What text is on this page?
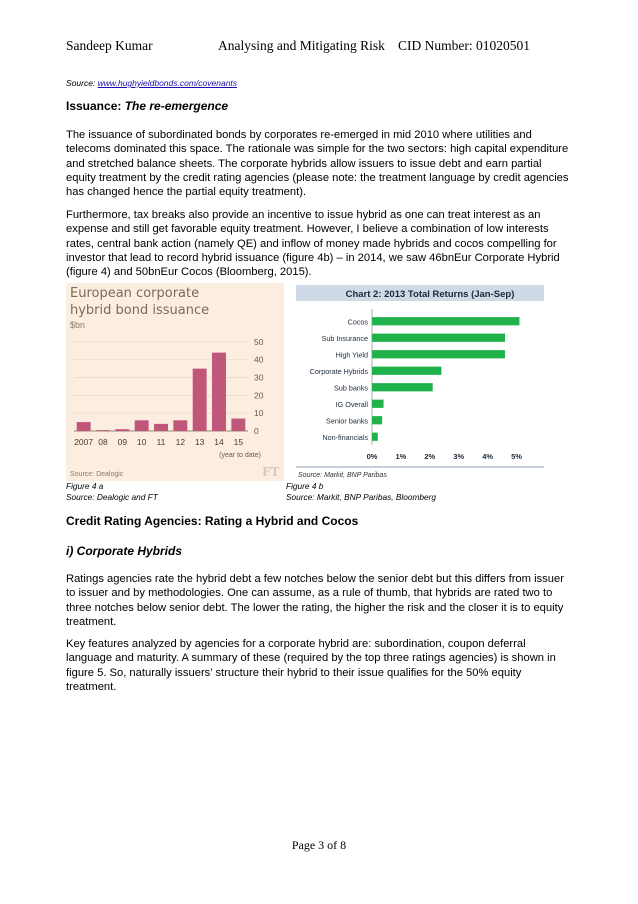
Sandeep Kumar	Analysing and Mitigating Risk CID Number: 01020501
Source: www.hughyieldbonds.com/covenants
Issuance: The re-emergence
The issuance of subordinated bonds by corporates re-emerged in mid 2010 where utilities and telecoms dominated this space. The rationale was simple for the two sectors: high capital expenditure and stretched balance sheets. The corporate hybrids allow issuers to issue debt and earn partial equity treatment by the credit rating agencies (please note: the treatment language by credit agencies has changed hence the partial equity treatment).
Furthermore, tax breaks also provide an incentive to issue hybrid as one can treat interest as an expense and still get favorable equity treatment. However, I believe a combination of low interests rates, central bank action (namely QE) and inflow of money made hybrids and cocos compelling for investor that lead to record hybrid issuance (figure 4b) – in 2014, we saw 46bnEur Corporate Hybrid (figure 4) and 50bnEur Cocos (Bloomberg, 2015).
European corporate
hybrid bond issuance
$bn
0
10
20
30
40
50
2007 08 09 10 11 12 13 14 15
(year to date)
Source: Dealogic	FT
Chart 2: 2013 Total Returns (Jan-Sep)
Cocos
Sub Insurance
High Yield
Corporate Hybrids
Sub banks
IG Overall
Senior banks
Non-financials
0% 1% 2% 3% 4% 5%
Source: Markit, BNP Paribas
Figure 4 a
Source: Dealogic and FT
Figure 4 b
Source: Markit, BNP Paribas, Bloomberg
Credit Rating Agencies: Rating a Hybrid and Cocos
i) Corporate Hybrids
Ratings agencies rate the hybrid debt a few notches below the senior debt but this differs from issuer to issuer and by methodologies. One can assume, as a rule of thumb, that hybrids are rated two to three notches below senior debt. The lower the rating, the higher the risk and the closer it is to equity treatment.
Key features analyzed by agencies for a corporate hybrid are: subordination, coupon deferral language and maturity. A summary of these (required by the top three ratings agencies) is shown in figure 5. So, naturally issuers’ structure their hybrid to their issue qualifies for the 50% equity treatment.
Page 3 of 8
